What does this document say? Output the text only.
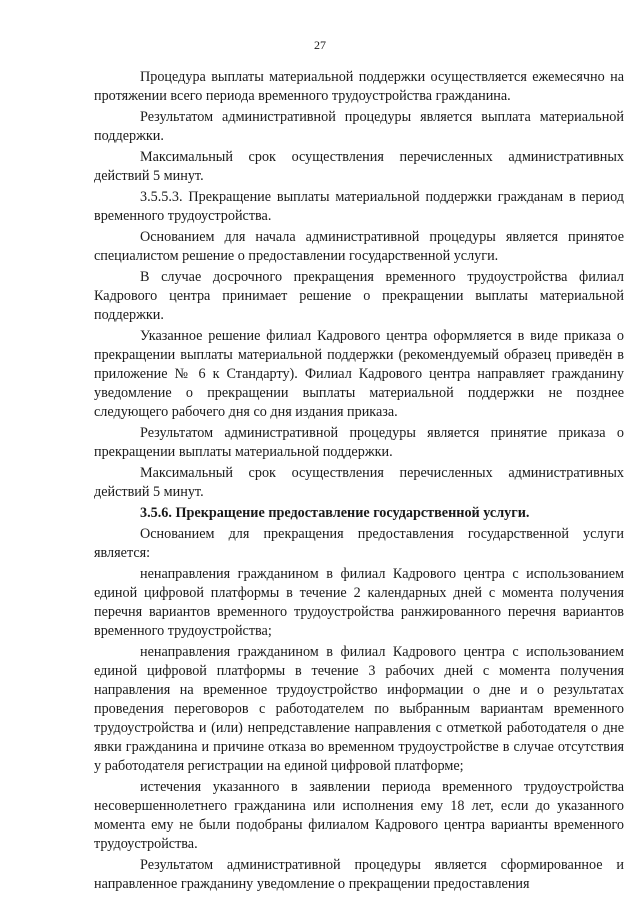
27

Процедура выплаты материальной поддержки осуществляется ежемесячно на протяжении всего периода временного трудоустройства гражданина.

Результатом административной процедуры является выплата материальной поддержки.

Максимальный срок осуществления перечисленных административных действий 5 минут.

3.5.5.3. Прекращение выплаты материальной поддержки гражданам в период временного трудоустройства.

Основанием для начала административной процедуры является принятое специалистом решение о предоставлении государственной услуги.

В случае досрочного прекращения временного трудоустройства филиал Кадрового центра принимает решение о прекращении выплаты материальной поддержки.

Указанное решение филиал Кадрового центра оформляется в виде приказа о прекращении выплаты материальной поддержки (рекомендуемый образец приведён в приложение № 6 к Стандарту). Филиал Кадрового центра направляет гражданину уведомление о прекращении выплаты материальной поддержки не позднее следующего рабочего дня со дня издания приказа.

Результатом административной процедуры является принятие приказа о прекращении выплаты материальной поддержки.

Максимальный срок осуществления перечисленных административных действий 5 минут.

3.5.6. Прекращение предоставление государственной услуги.

Основанием для прекращения предоставления государственной услуги является:

ненаправления гражданином в филиал Кадрового центра с использованием единой цифровой платформы в течение 2 календарных дней с момента получения перечня вариантов временного трудоустройства ранжированного перечня вариантов временного трудоустройства;

ненаправления гражданином в филиал Кадрового центра с использованием единой цифровой платформы в течение 3 рабочих дней с момента получения направления на временное трудоустройство информации о дне и о результатах проведения переговоров с работодателем по выбранным вариантам временного трудоустройства и (или) непредставление направления с отметкой работодателя о дне явки гражданина и причине отказа во временном трудоустройстве в случае отсутствия у работодателя регистрации на единой цифровой платформе;

истечения указанного в заявлении периода временного трудоустройства несовершеннолетнего гражданина или исполнения ему 18 лет, если до указанного момента ему не были подобраны филиалом Кадрового центра варианты временного трудоустройства.

Результатом административной процедуры является сформированное и направленное гражданину уведомление о прекращении предоставления
